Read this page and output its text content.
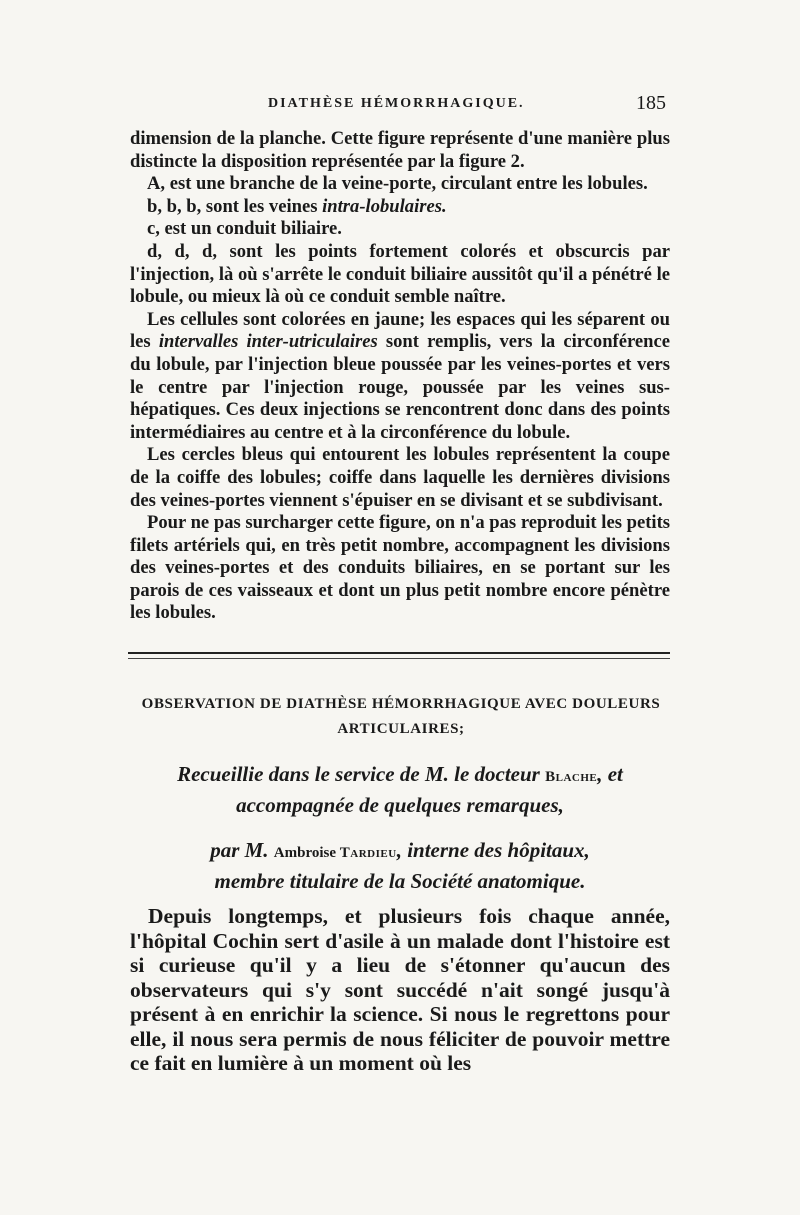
DIATHÈSE HÉMORRHAGIQUE.	185

dimension de la planche. Cette figure représente d'une manière plus distincte la disposition représentée par la figure 2.

A, est une branche de la veine-porte, circulant entre les lobules.

b, b, b, sont les veines intra-lobulaires.

c, est un conduit biliaire.

d, d, d, sont les points fortement colorés et obscurcis par l'injection, là où s'arrête le conduit biliaire aussitôt qu'il a pénétré le lobule, ou mieux là où ce conduit semble naître.

Les cellules sont colorées en jaune; les espaces qui les séparent ou les intervalles inter-utriculaires sont remplis, vers la circonférence du lobule, par l'injection bleue poussée par les veines-portes et vers le centre par l'injection rouge, poussée par les veines sus-hépatiques. Ces deux injections se rencontrent donc dans des points intermédiaires au centre et à la circonférence du lobule.

Les cercles bleus qui entourent les lobules représentent la coupe de la coiffe des lobules; coiffe dans laquelle les dernières divisions des veines-portes viennent s'épuiser en se divisant et se subdivisant.

Pour ne pas surcharger cette figure, on n'a pas reproduit les petits filets artériels qui, en très petit nombre, accompagnent les divisions des veines-portes et des conduits biliaires, en se portant sur les parois de ces vaisseaux et dont un plus petit nombre encore pénètre les lobules.

OBSERVATION DE DIATHÈSE HÉMORRHAGIQUE AVEC DOULEURS

ARTICULAIRES;

Recueillie dans le service de M. le docteur Blache, et

accompagnée de quelques remarques,

par M. Ambroise Tardieu, interne des hôpitaux,

membre titulaire de la Société anatomique.

Depuis longtemps, et plusieurs fois chaque année, l'hôpital Cochin sert d'asile à un malade dont l'histoire est si curieuse qu'il y a lieu de s'étonner qu'aucun des observateurs qui s'y sont succédé n'ait songé jusqu'à présent à en enrichir la science. Si nous le regrettons pour elle, il nous sera permis de nous féliciter de pouvoir mettre ce fait en lumière à un moment où les
